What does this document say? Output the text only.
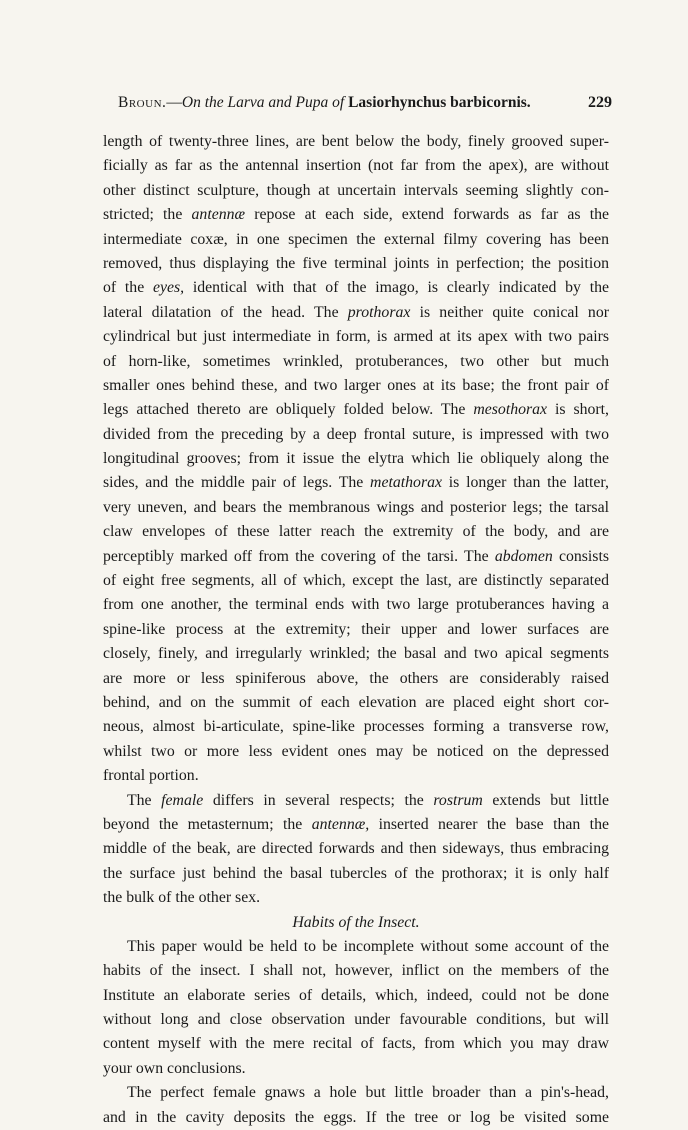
Broun.—On the Larva and Pupa of Lasiorhynchus barbicornis.	229
length of twenty-three lines, are bent below the body, finely grooved super-
ficially as far as the antennal insertion (not far from the apex), are without
other distinct sculpture, though at uncertain intervals seeming slightly con-
stricted; the antennæ repose at each side, extend forwards as far as the
intermediate coxæ, in one specimen the external filmy covering has been
removed, thus displaying the five terminal joints in perfection; the position
of the eyes, identical with that of the imago, is clearly indicated by the
lateral dilatation of the head. The prothorax is neither quite conical nor
cylindrical but just intermediate in form, is armed at its apex with two pairs
of horn-like, sometimes wrinkled, protuberances, two other but much
smaller ones behind these, and two larger ones at its base; the front pair of
legs attached thereto are obliquely folded below. The mesothorax is short,
divided from the preceding by a deep frontal suture, is impressed with two
longitudinal grooves; from it issue the elytra which lie obliquely along the
sides, and the middle pair of legs. The metathorax is longer than the latter,
very uneven, and bears the membranous wings and posterior legs; the tarsal
claw envelopes of these latter reach the extremity of the body, and are
perceptibly marked off from the covering of the tarsi. The abdomen consists
of eight free segments, all of which, except the last, are distinctly separated
from one another, the terminal ends with two large protuberances having a
spine-like process at the extremity; their upper and lower surfaces are
closely, finely, and irregularly wrinkled; the basal and two apical segments
are more or less spiniferous above, the others are considerably raised
behind, and on the summit of each elevation are placed eight short cor-
neous, almost bi-articulate, spine-like processes forming a transverse row,
whilst two or more less evident ones may be noticed on the depressed
frontal portion.
The female differs in several respects; the rostrum extends but little
beyond the metasternum; the antennæ, inserted nearer the base than the
middle of the beak, are directed forwards and then sideways, thus embracing
the surface just behind the basal tubercles of the prothorax; it is only half
the bulk of the other sex.
Habits of the Insect.
This paper would be held to be incomplete without some account of the
habits of the insect. I shall not, however, inflict on the members of the
Institute an elaborate series of details, which, indeed, could not be done
without long and close observation under favourable conditions, but will
content myself with the mere recital of facts, from which you may draw
your own conclusions.
The perfect female gnaws a hole but little broader than a pin's-head,
and in the cavity deposits the eggs. If the tree or log be visited some
